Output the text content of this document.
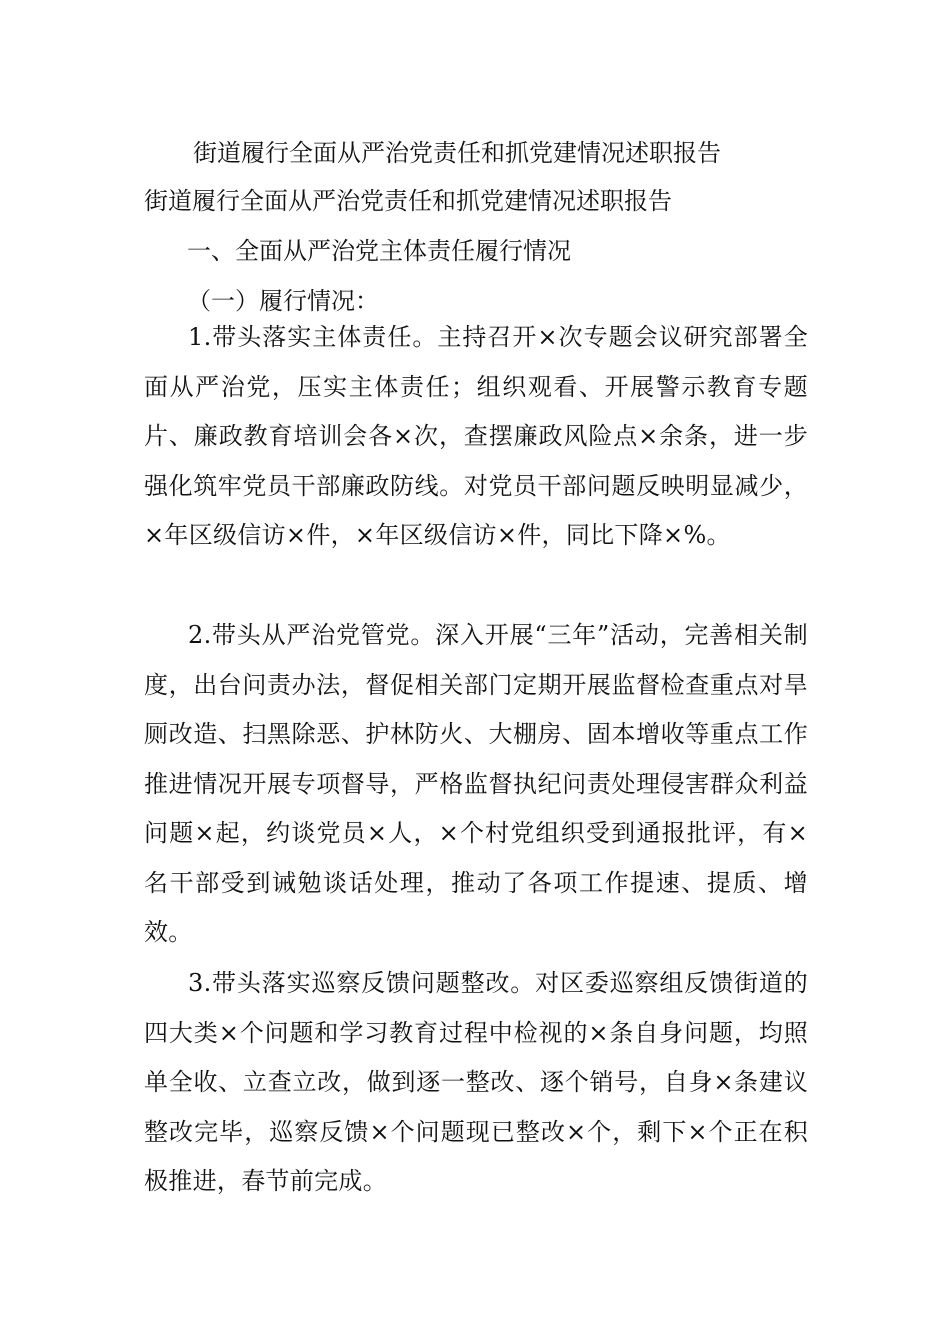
街道履行全面从严治党责任和抓党建情况述职报告
街道履行全面从严治党责任和抓党建情况述职报告
一、全面从严治党主体责任履行情况
（一）履行情况：

1.带头落实主体责任。主持召开×次专题会议研究部署全面从严治党，压实主体责任；组织观看、开展警示教育专题片、廉政教育培训会各×次，查摆廉政风险点×余条，进一步强化筑牢党员干部廉政防线。对党员干部问题反映明显减少，×年区级信访×件，×年区级信访×件，同比下降×%。

2.带头从严治党管党。深入开展“三年”活动，完善相关制度，出台问责办法，督促相关部门定期开展监督检查重点对旱厕改造、扫黑除恶、护林防火、大棚房、固本增收等重点工作推进情况开展专项督导，严格监督执纪问责处理侵害群众利益问题×起，约谈党员×人，×个村党组织受到通报批评，有×名干部受到诫勉谈话处理，推动了各项工作提速、提质、增效。

3.带头落实巡察反馈问题整改。对区委巡察组反馈街道的四大类×个问题和学习教育过程中检视的×条自身问题，均照单全收、立查立改，做到逐一整改、逐个销号，自身×条建议整改完毕，巡察反馈×个问题现已整改×个，剩下×个正在积极推进，春节前完成。
